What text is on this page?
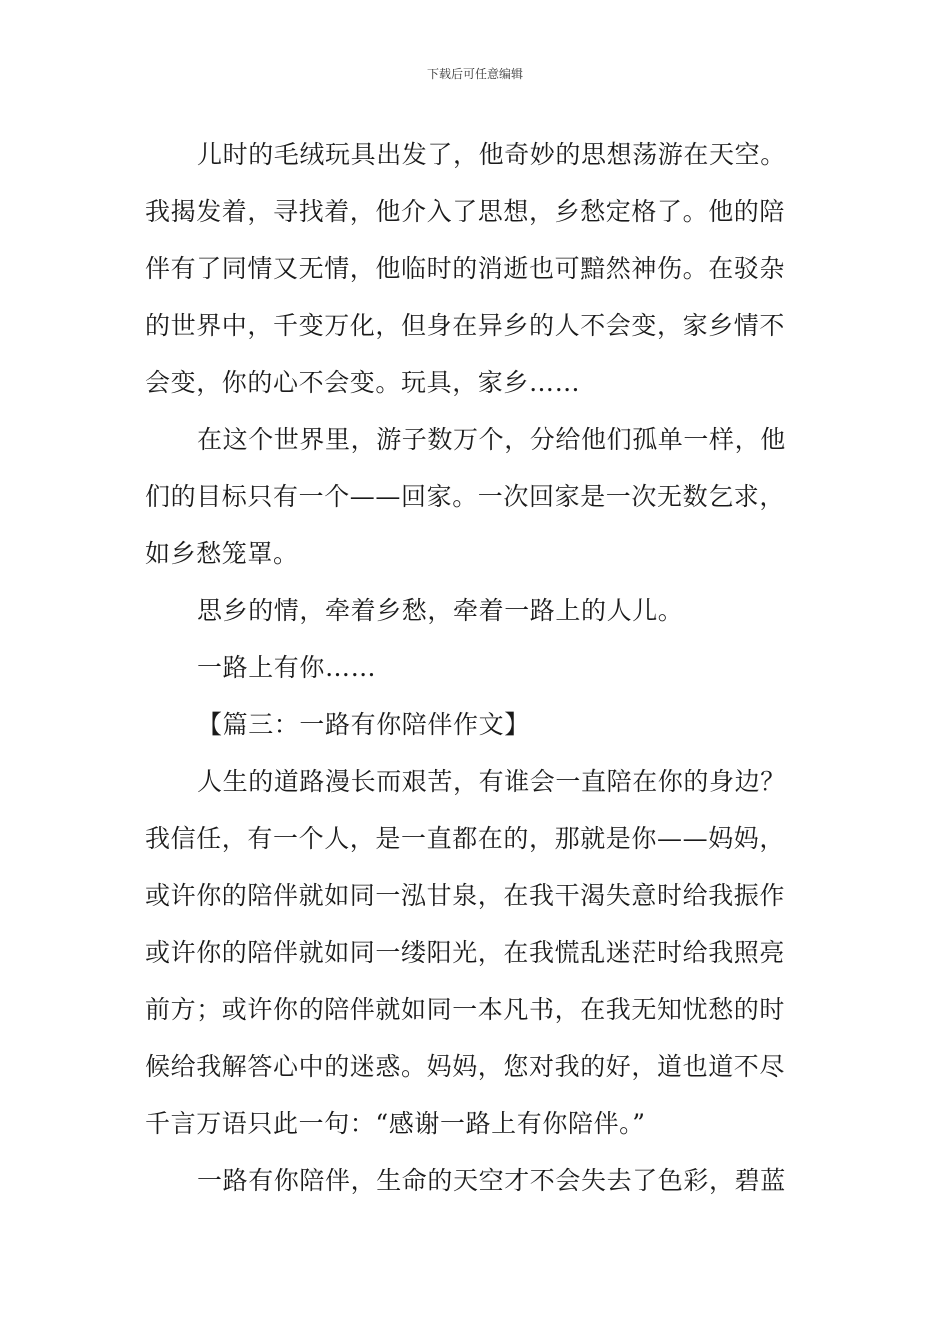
下载后可任意编辑
儿时的毛绒玩具出发了，他奇妙的思想荡游在天空。
我揭发着，寻找着，他介入了思想，乡愁定格了。他的陪
伴有了同情又无情，他临时的消逝也可黯然神伤。在驳杂
的世界中，千变万化，但身在异乡的人不会变，家乡情不
会变，你的心不会变。玩具，家乡……
在这个世界里，游子数万个，分给他们孤单一样，他
们的目标只有一个——回家。一次回家是一次无数乞求，
如乡愁笼罩。
思乡的情，牵着乡愁，牵着一路上的人儿。
一路上有你……
【篇三：一路有你陪伴作文】
人生的道路漫长而艰苦，有谁会一直陪在你的身边？
我信任，有一个人，是一直都在的，那就是你——妈妈，
或许你的陪伴就如同一泓甘泉，在我干渴失意时给我振作
或许你的陪伴就如同一缕阳光，在我慌乱迷茫时给我照亮
前方；或许你的陪伴就如同一本凡书，在我无知忧愁的时
候给我解答心中的迷惑。妈妈，您对我的好，道也道不尽
千言万语只此一句：“感谢一路上有你陪伴。”
一路有你陪伴，生命的天空才不会失去了色彩，碧蓝
